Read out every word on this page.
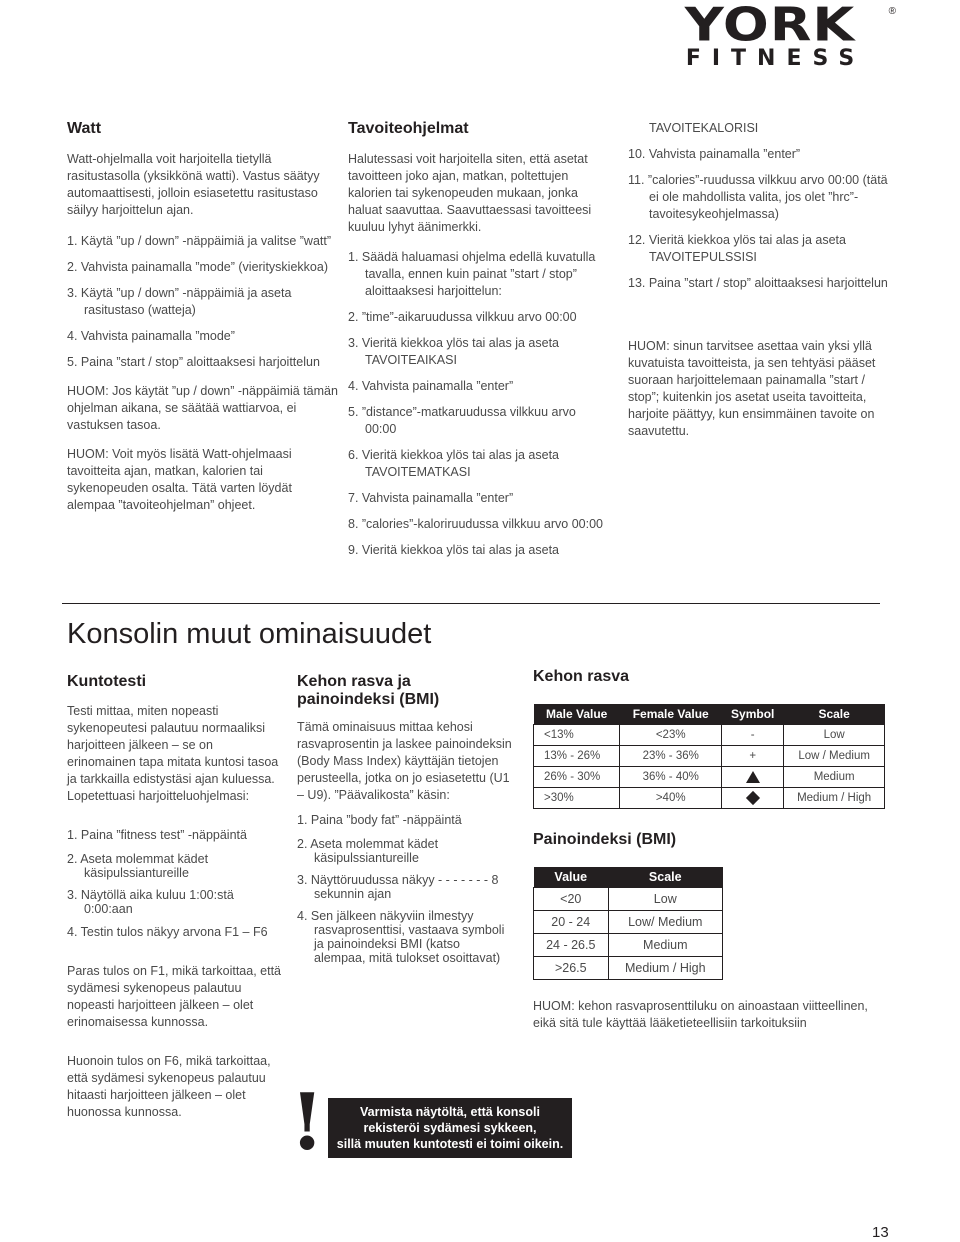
YORK	®
FITNESS
Watt

Watt-ohjelmalla voit harjoitella tietyllä rasitustasolla (yksikkönä watti). Vastus säätyy automaattisesti, jolloin esiasetettu rasitustaso säilyy harjoittelun ajan.

1. Käytä ”up / down” -näppäimiä ja valitse ”watt”

2. Vahvista painamalla ”mode” (vierityskiekkoa)

3. Käytä ”up / down” -näppäimiä ja aseta rasitustaso (watteja)

4. Vahvista painamalla ”mode”

5. Paina ”start / stop” aloittaaksesi harjoittelun

HUOM: Jos käytät ”up / down” -näppäimiä tämän ohjelman aikana, se säätää wattiarvoa, ei vastuksen tasoa.

HUOM: Voit myös lisätä Watt-ohjelmaasi tavoitteita ajan, matkan, kalorien tai sykenopeuden osalta. Tätä varten löydät alempaa ”tavoiteohjelman” ohjeet.

Tavoiteohjelmat

Halutessasi voit harjoitella siten, että asetat tavoitteen joko ajan, matkan, poltettujen kalorien tai sykenopeuden mukaan, jonka haluat saavuttaa. Saavuttaessasi tavoitteesi kuuluu lyhyt äänimerkki.

1. Säädä haluamasi ohjelma edellä kuvatulla tavalla, ennen kuin painat ”start / stop” aloittaaksesi harjoittelun:

2. ”time”-aikaruudussa vilkkuu arvo 00:00

3. Vieritä kiekkoa ylös tai alas ja aseta TAVOITEAIKASI

4. Vahvista painamalla ”enter”

5. ”distance”-matkaruudussa vilkkuu arvo 00:00

6. Vieritä kiekkoa ylös tai alas ja aseta TAVOITEMATKASI

7. Vahvista painamalla ”enter”

8. ”calories”-kaloriruudussa vilkkuu arvo 00:00

9. Vieritä kiekkoa ylös tai alas ja aseta

TAVOITEKALORISI

10. Vahvista painamalla ”enter”

11. ”calories”-ruudussa vilkkuu arvo 00:00 (tätä ei ole mahdollista valita, jos olet ”hrc”-tavoitesykeohjelmassa)

12. Vieritä kiekkoa ylös tai alas ja aseta TAVOITEPULSSISI

13. Paina ”start / stop” aloittaaksesi harjoittelun

HUOM: sinun tarvitsee asettaa vain yksi yllä kuvatuista tavoitteista, ja sen tehtyäsi pääset suoraan harjoittelemaan painamalla ”start / stop”; kuitenkin jos asetat useita tavoitteita, harjoite päättyy, kun ensimmäinen tavoite on saavutettu.

Konsolin muut ominaisuudet
Kuntotesti

Testi mittaa, miten nopeasti sykenopeutesi palautuu normaaliksi harjoitteen jälkeen – se on erinomainen tapa mitata kuntosi tasoa ja tarkkailla edistystäsi ajan kuluessa. Lopetettuasi harjoitteluohjelmasi:

1. Paina ”fitness test” -näppäintä

2. Aseta molemmat kädet käsipulssiantureille

3. Näytöllä aika kuluu 1:00:stä 0:00:aan

4. Testin tulos näkyy arvona F1 – F6

Paras tulos on F1, mikä tarkoittaa, että sydämesi sykenopeus palautuu nopeasti harjoitteen jälkeen – olet erinomaisessa kunnossa.

Huonoin tulos on F6, mikä tarkoittaa, että sydämesi sykenopeus palautuu hitaasti harjoitteen jälkeen – olet huonossa kunnossa.

Kehon rasva ja painoindeksi (BMI)

Tämä ominaisuus mittaa kehosi rasvaprosentin ja laskee painoindeksin (Body Mass Index) käyttäjän tietojen perusteella, jotka on jo esiasetettu (U1 – U9). ”Päävalikosta” käsin:

1. Paina ”body fat” -näppäintä

2. Aseta molemmat kädet käsipulssiantureille

3. Näyttöruudussa näkyy - - - - - - - 8 sekunnin ajan

4. Sen jälkeen näkyviin ilmestyy rasvaprosenttisi, vastaava symboli ja painoindeksi BMI (katso alempaa, mitä tulokset osoittavat)

Kehon rasva
Male Value	Female Value	Symbol	Scale
<13%	<23%	-	Low
13% - 26%	23% - 36%	+	Low / Medium
26% - 30%	36% - 40%		Medium
>30%	>40%		Medium / High
Painoindeksi (BMI)
Value	Scale
<20	Low
20 - 24	Low/ Medium
24 - 26.5	Medium
>26.5	Medium / High

HUOM: kehon rasvaprosenttiluku on ainoastaan viitteellinen, eikä sitä tule käyttää lääketieteellisiin tarkoituksiin

!	Varmista näytöltä, että konsoli
rekisteröi sydämesi sykkeen,
sillä muuten kuntotesti ei toimi oikein.
13
